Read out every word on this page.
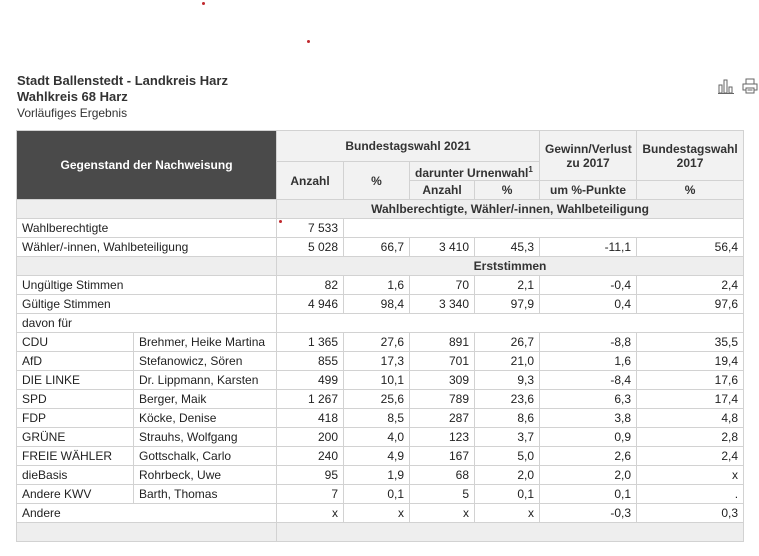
Stadt Ballenstedt - Landkreis Harz
Wahlkreis 68 Harz
Vorläufiges Ergebnis
Gegenstand der Nachweisung		Bundestagswahl 2021				Gewinn/Verlust zu 2017	Bundestagswahl 2017
		Anzahl	%	darunter Urnenwahl$^1$
				Anzahl	%	um %-Punkte	%
		Wahlberechtigte, Wähler/-innen, Wahlbeteiligung					
Wahlberechtigte		7 533					
Wähler/-innen, Wahlbeteiligung		5 028	66,7	3 410	45,3	-11,1	56,4
		Erststimmen					
Ungültige Stimmen		82	1,6	70	2,1	-0,4	2,4
Gültige Stimmen		4 946	98,4	3 340	97,9	0,4	97,6
davon für							
CDU	Brehmer, Heike Martina	1 365	27,6	891	26,7	-8,8	35,5
AfD	Stefanowicz, Sören	855	17,3	701	21,0	1,6	19,4
DIE LINKE	Dr. Lippmann, Karsten	499	10,1	309	9,3	-8,4	17,6
SPD	Berger, Maik	1 267	25,6	789	23,6	6,3	17,4
FDP	Köcke, Denise	418	8,5	287	8,6	3,8	4,8
GRÜNE	Strauhs, Wolfgang	200	4,0	123	3,7	0,9	2,8
FREIE WÄHLER	Gottschalk, Carlo	240	4,9	167	5,0	2,6	2,4
dieBasis	Rohrbeck, Uwe	95	1,9	68	2,0	2,0	x
Andere KWV	Barth, Thomas	7	0,1	5	0,1	0,1	.
Andere		x	x	x	x	-0,3	0,3
